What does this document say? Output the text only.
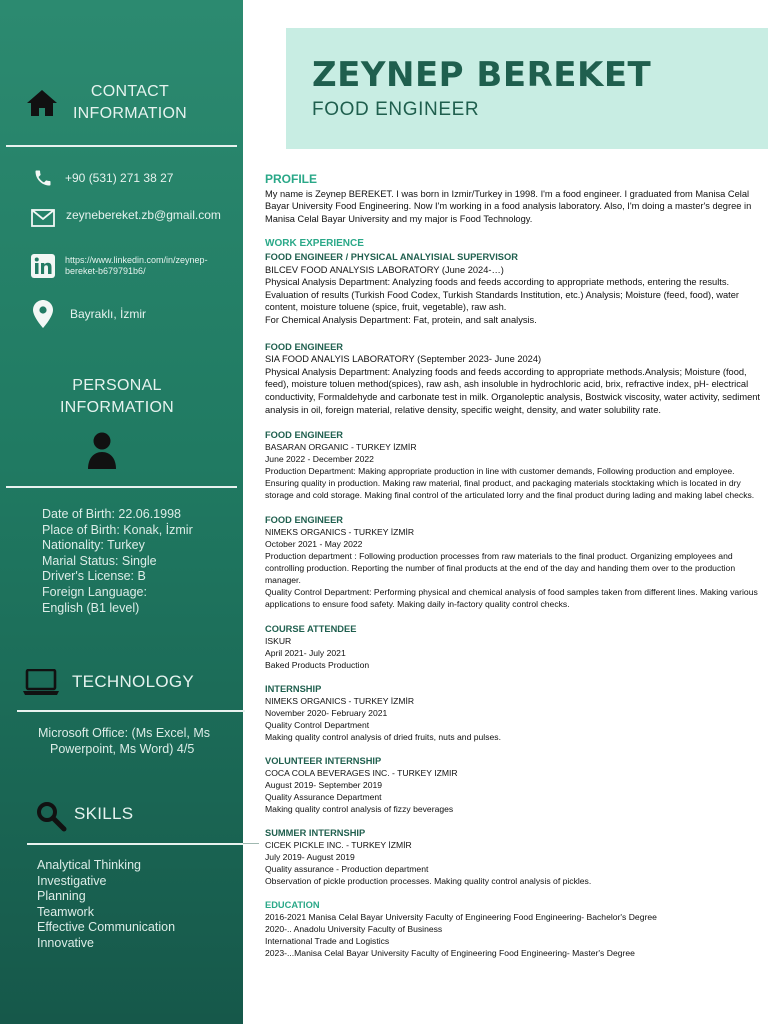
CONTACT
INFORMATION
+90 (531) 271 38 27
zeynebereket.zb@gmail.com
https://www.linkedin.com/in/zeynep-
bereket-b679791b6/
Bayraklı, İzmir
PERSONAL
INFORMATION
Date of Birth: 22.06.1998
Place of Birth: Konak, İzmir
Nationality: Turkey
Marial Status: Single
Driver's License: B
Foreign Language:
English (B1 level)
TECHNOLOGY
Microsoft Office: (Ms Excel, Ms
Powerpoint, Ms Word) 4/5
SKILLS
Analytical Thinking
Investigative
Planning
Teamwork
Effective Communication
Innovative
ZEYNEP BEREKET
FOOD ENGINEER
PROFILE

My name is Zeynep BEREKET. I was born in Izmir/Turkey in 1998. I'm a food engineer. I graduated from Manisa Celal Bayar University Food Engineering. Now I'm working in a food analysis laboratory. Also, I'm doing a master's degree in Manisa Celal Bayar University and my major is Food Technology.

WORK EXPERIENCE
FOOD ENGINEER / PHYSICAL ANALYISIAL SUPERVISOR
BILCEV FOOD ANALYSIS LABORATORY (June 2024-…)

Physical Analysis Department: Analyzing foods and feeds according to appropriate methods, entering the results. Evaluation of results (Turkish Food Codex, Turkish Standards Institution, etc.) Analysis; Moisture (feed, food), water content, moisture toluene (spice, fruit, vegetable), raw ash.

For Chemical Analysis Department: Fat, protein, and salt analysis.

FOOD ENGINEER
SIA FOOD ANALYIS LABORATORY (September 2023- June 2024)

Physical Analysis Department: Analyzing foods and feeds according to appropriate methods.Analysis; Moisture (food, feed), moisture toluen method(spices), raw ash, ash insoluble in hydrochloric acid, brix, refractive index, pH- electrical conductivity, Formaldehyde and carbonate test in milk. Organoleptic analysis, Bostwick viscosity, water activity, sediment analysis in oil, foreign material, relative density, specific weight, density, and water solubility rate.

FOOD ENGINEER
BASARAN ORGANIC - TURKEY İZMİR
June 2022 - December 2022

Production Department: Making appropriate production in line with customer demands, Following production and employee. Ensuring quality in production. Making raw material, final product, and packaging materials stocktaking which is located in dry storage and cold storage. Making final control of the articulated lorry and the final product during lading and making label checks.

FOOD ENGINEER
NIMEKS ORGANICS - TURKEY İZMİR
October 2021 - May 2022

Production department : Following production processes from raw materials to the final product. Organizing employees and controlling production. Reporting the number of final products at the end of the day and handing them over to the production manager.

Quality Control Department: Performing physical and chemical analysis of food samples taken from different lines. Making various applications to ensure food safety. Making daily in-factory quality control checks.

COURSE ATTENDEE
ISKUR
April 2021- July 2021
Baked Products Production
INTERNSHIP
NIMEKS ORGANICS - TURKEY İZMİR
November 2020- February 2021
Quality Control Department
Making quality control analysis of dried fruits, nuts and pulses.
VOLUNTEER INTERNSHIP
COCA COLA BEVERAGES INC. - TURKEY IZMIR
August 2019- September 2019
Quality Assurance Department
Making quality control analysis of fizzy beverages
SUMMER INTERNSHIP
CICEK PICKLE INC. - TURKEY İZMİR
July 2019- August 2019
Quality assurance - Production department
Observation of pickle production processes. Making quality control analysis of pickles.
EDUCATION
2016-2021 Manisa Celal Bayar University Faculty of Engineering Food Engineering- Bachelor's Degree
2020-.. Anadolu University Faculty of Business
International Trade and Logistics
2023-...Manisa Celal Bayar University Faculty of Engineering Food Engineering- Master's Degree
